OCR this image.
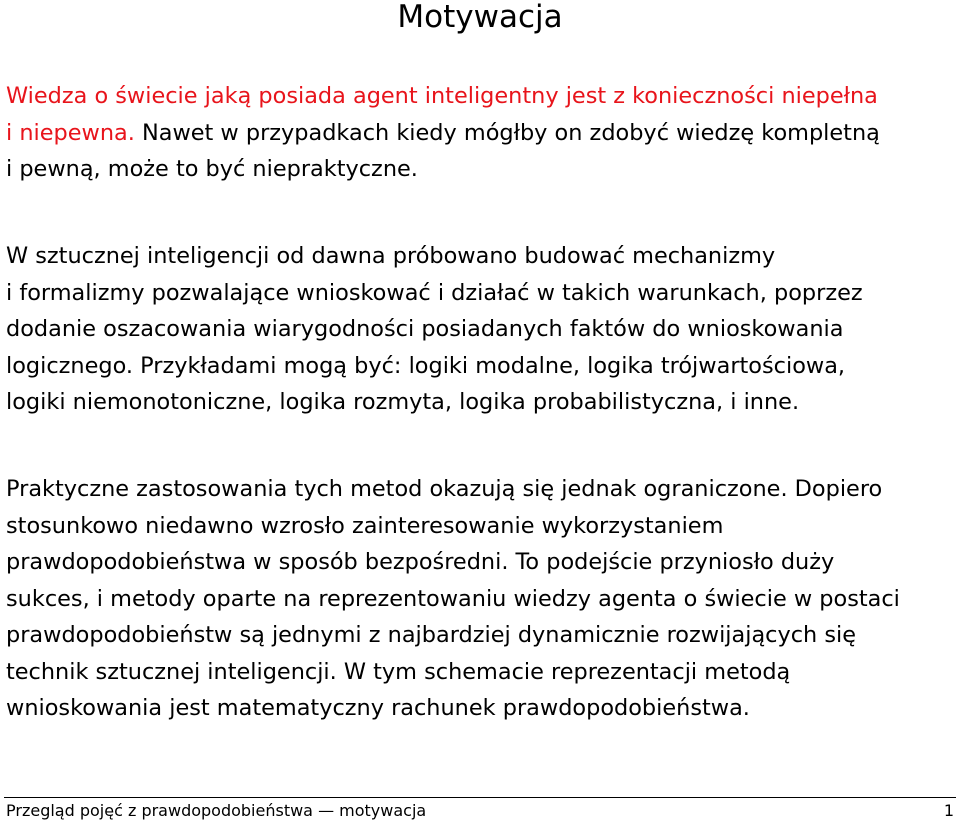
Motywacja
Wiedza o świecie jaką posiada agent inteligentny jest z konieczności niepełna
i niepewna. Nawet w przypadkach kiedy mógłby on zdobyć wiedzę kompletną
i pewną, może to być niepraktyczne.
W sztucznej inteligencji od dawna próbowano budować mechanizmy
i formalizmy pozwalające wnioskować i działać w takich warunkach, poprzez
dodanie oszacowania wiarygodności posiadanych faktów do wnioskowania
logicznego. Przykładami mogą być: logiki modalne, logika trójwartościowa,
logiki niemonotoniczne, logika rozmyta, logika probabilistyczna, i inne.
Praktyczne zastosowania tych metod okazują się jednak ograniczone. Dopiero
stosunkowo niedawno wzrosło zainteresowanie wykorzystaniem
prawdopodobieństwa w sposób bezpośredni. To podejście przyniosło duży
sukces, i metody oparte na reprezentowaniu wiedzy agenta o świecie w postaci
prawdopodobieństw są jednymi z najbardziej dynamicznie rozwijających się
technik sztucznej inteligencji. W tym schemacie reprezentacji metodą
wnioskowania jest matematyczny rachunek prawdopodobieństwa.
Przegląd pojęć z prawdopodobieństwa — motywacja	1
